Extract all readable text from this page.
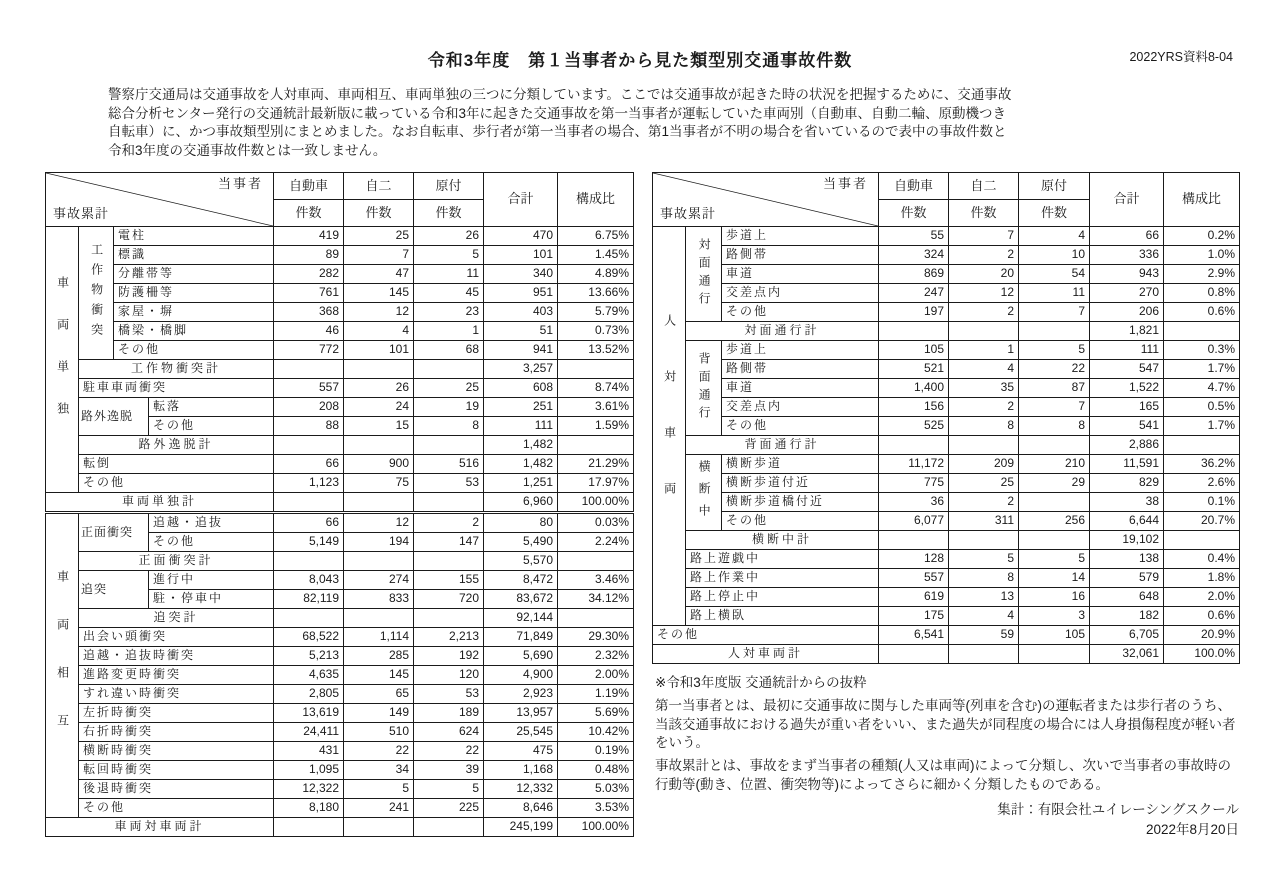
令和3年度　第１当事者から見た類型別交通事故件数	2022YRS資料8-04
警察庁交通局は交通事故を人対車両、車両相互、車両単独の三つに分類しています。ここでは交通事故が起きた時の状況を把握するために、交通事故
総合分析センター発行の交通統計最新版に載っている令和3年に起きた交通事故を第一当事者が運転していた車両別（自動車、自動二輪、原動機つき
自転車）に、かつ事故類型別にまとめました。なお自転車、歩行者が第一当事者の場合、第1当事者が不明の場合を省いているので表中の事故件数と
令和3年度の交通事故件数とは一致しません。
当事者
事故累計				自動車	自二	原付	合計	構成比
				件数	件数	件数		
車両単独	工作物衝突	電柱		419	25	26	470	6.75%
		標識		89	7	5	101	1.45%
		分離帯等		282	47	11	340	4.89%
		防護柵等		761	145	45	951	13.66%
		家屋・塀		368	12	23	403	5.79%
		橋梁・橋脚		46	4	1	51	0.73%
		その他		772	101	68	941	13.52%
	工作物衝突計						3,257	
	駐車車両衝突			557	26	25	608	8.74%
	路外逸脱		転落	208	24	19	251	3.61%
			その他	88	15	8	111	1.59%
	路外逸脱計						1,482	
	転倒			66	900	516	1,482	21.29%
	その他			1,123	75	53	1,251	17.97%
車両単独計							6,960	100.00%
車両相互	正面衝突	追越・追抜	66	12	2	80	0.03%
		その他	5,149	194	147	5,490	2.24%
	正面衝突計					5,570	
	追突	進行中	8,043	274	155	8,472	3.46%
		駐・停車中	82,119	833	720	83,672	34.12%
	追突計					92,144	
	出会い頭衝突		68,522	1,114	2,213	71,849	29.30%
	追越・追抜時衝突		5,213	285	192	5,690	2.32%
	進路変更時衝突		4,635	145	120	4,900	2.00%
	すれ違い時衝突		2,805	65	53	2,923	1.19%
	左折時衝突		13,619	149	189	13,957	5.69%
	右折時衝突		24,411	510	624	25,545	10.42%
	横断時衝突		431	22	22	475	0.19%
	転回時衝突		1,095	34	39	1,168	0.48%
	後退時衝突		12,322	5	5	12,332	5.03%
	その他		8,180	241	225	8,646	3.53%
車両対車両計						245,199	100.00%
当事者
事故累計			自動車	自二	原付	合計	構成比
			件数	件数	件数		
人対車両	対面通行	歩道上	55	7	4	66	0.2%
		路側帯	324	2	10	336	1.0%
		車道	869	20	54	943	2.9%
		交差点内	247	12	11	270	0.8%
		その他	197	2	7	206	0.6%
	対面通行計					1,821	
	背面通行	歩道上	105	1	5	111	0.3%
		路側帯	521	4	22	547	1.7%
		車道	1,400	35	87	1,522	4.7%
		交差点内	156	2	7	165	0.5%
		その他	525	8	8	541	1.7%
	背面通行計					2,886	
	横断中	横断歩道	11,172	209	210	11,591	36.2%
		横断歩道付近	775	25	29	829	2.6%
		横断歩道橋付近	36	2		38	0.1%
		その他	6,077	311	256	6,644	20.7%
	横断中計					19,102	
	路上遊戯中		128	5	5	138	0.4%
	路上作業中		557	8	14	579	1.8%
	路上停止中		619	13	16	648	2.0%
	路上横臥		175	4	3	182	0.6%
その他			6,541	59	105	6,705	20.9%
人対車両計						32,061	100.0%

※令和3年度版 交通統計からの抜粋

第一当事者とは、最初に交通事故に関与した車両等(列車を含む)の運転者または歩行者のうち、当該交通事故における過失が重い者をいい、また過失が同程度の場合には人身損傷程度が軽い者をいう。

事故累計とは、事故をまず当事者の種類(人又は車両)によって分類し、次いで当事者の事故時の行動等(動き、位置、衝突物等)によってさらに細かく分類したものである。

集計：有限会社ユイレーシングスクール
2022年8月20日
